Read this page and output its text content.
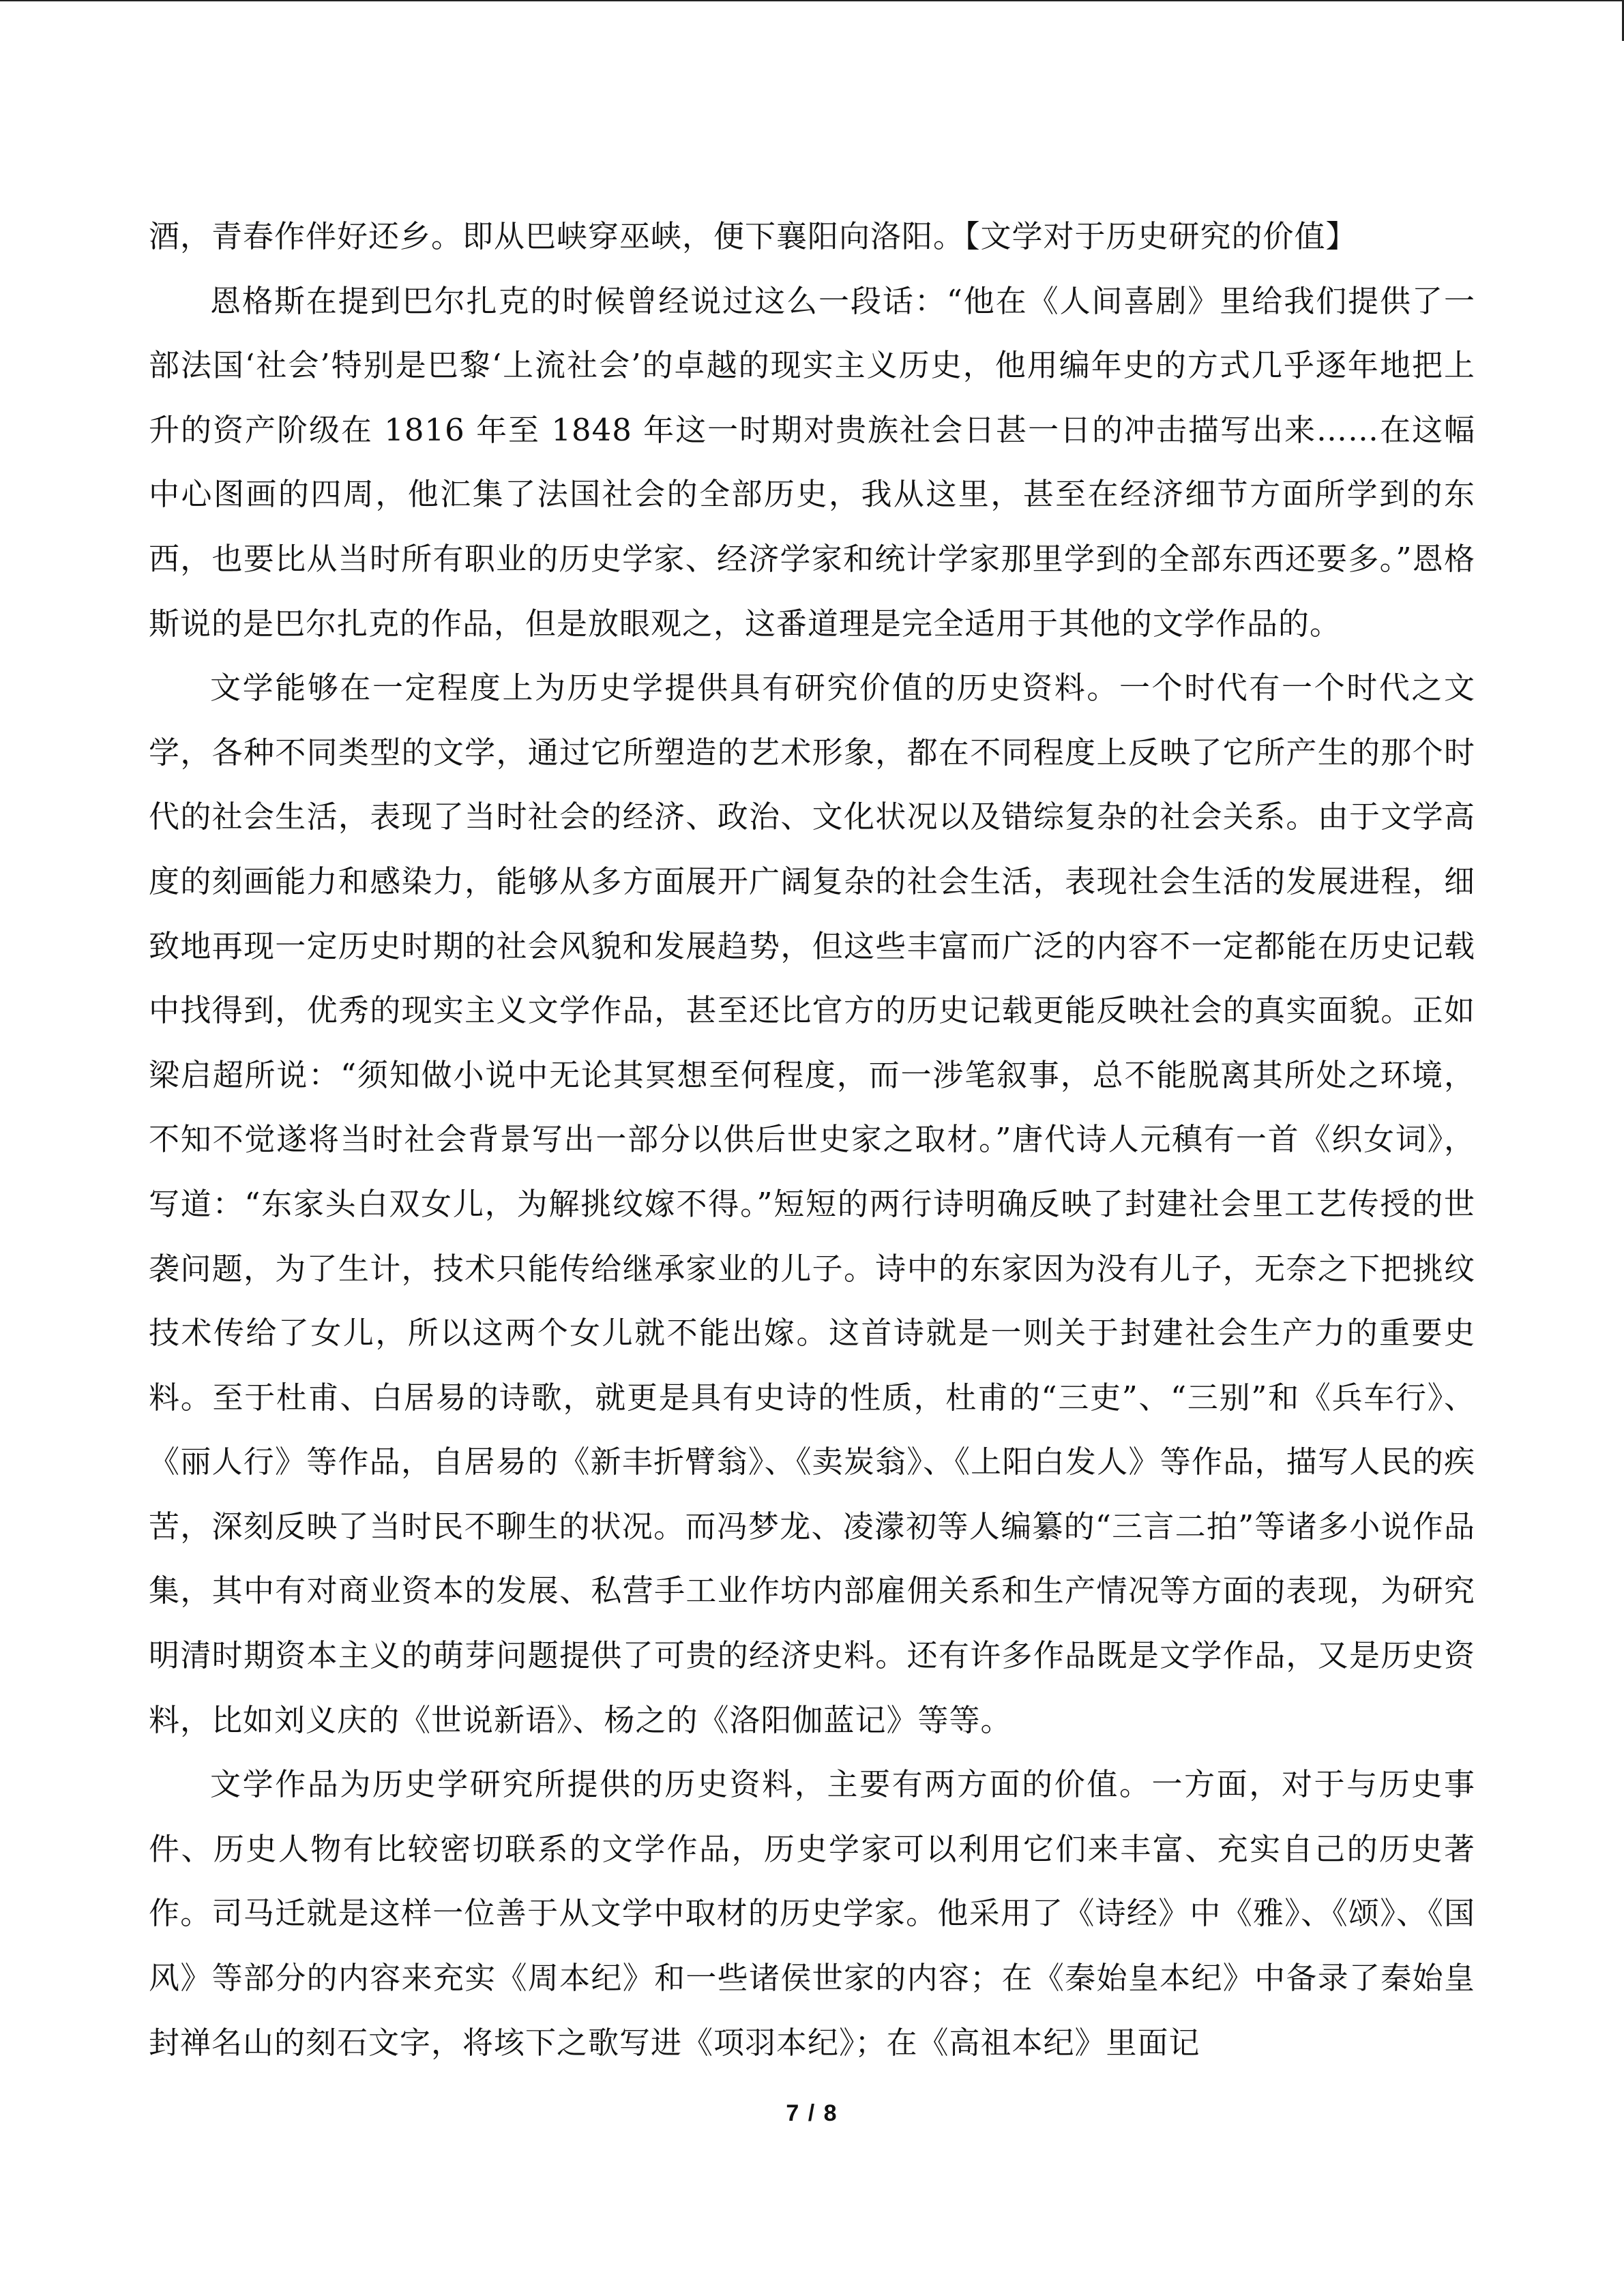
酒，青春作伴好还乡。即从巴峡穿巫峡，便下襄阳向洛阳。【文学对于历史研究的价值】

恩格斯在提到巴尔扎克的时候曾经说过这么一段话：“他在《人间喜剧》里给我们提供了一部法国‘社会’特别是巴黎‘上流社会’的卓越的现实主义历史，他用编年史的方式几乎逐年地把上升的资产阶级在 1816 年至 1848 年这一时期对贵族社会日甚一日的冲击描写出来……在这幅中心图画的四周，他汇集了法国社会的全部历史，我从这里，甚至在经济细节方面所学到的东西，也要比从当时所有职业的历史学家、经济学家和统计学家那里学到的全部东西还要多。”恩格斯说的是巴尔扎克的作品，但是放眼观之，这番道理是完全适用于其他的文学作品的。

文学能够在一定程度上为历史学提供具有研究价值的历史资料。一个时代有一个时代之文学，各种不同类型的文学，通过它所塑造的艺术形象，都在不同程度上反映了它所产生的那个时代的社会生活，表现了当时社会的经济、政治、文化状况以及错综复杂的社会关系。由于文学高度的刻画能力和感染力，能够从多方面展开广阔复杂的社会生活，表现社会生活的发展进程，细致地再现一定历史时期的社会风貌和发展趋势，但这些丰富而广泛的内容不一定都能在历史记载中找得到，优秀的现实主义文学作品，甚至还比官方的历史记载更能反映社会的真实面貌。正如梁启超所说：“须知做小说中无论其冥想至何程度，而一涉笔叙事，总不能脱离其所处之环境，不知不觉遂将当时社会背景写出一部分以供后世史家之取材。”唐代诗人元稹有一首《织女词》，写道：“东家头白双女儿，为解挑纹嫁不得。”短短的两行诗明确反映了封建社会里工艺传授的世袭问题，为了生计，技术只能传给继承家业的儿子。诗中的东家因为没有儿子，无奈之下把挑纹技术传给了女儿，所以这两个女儿就不能出嫁。这首诗就是一则关于封建社会生产力的重要史料。至于杜甫、白居易的诗歌，就更是具有史诗的性质，杜甫的“三吏”、“三别”和《兵车行》、《丽人行》等作品，自居易的《新丰折臂翁》、《卖炭翁》、《上阳白发人》等作品，描写人民的疾苦，深刻反映了当时民不聊生的状况。而冯梦龙、凌濛初等人编纂的“三言二拍”等诸多小说作品集，其中有对商业资本的发展、私营手工业作坊内部雇佣关系和生产情况等方面的表现，为研究明清时期资本主义的萌芽问题提供了可贵的经济史料。还有许多作品既是文学作品，又是历史资料，比如刘义庆的《世说新语》、杨之的《洛阳伽蓝记》等等。

文学作品为历史学研究所提供的历史资料，主要有两方面的价值。一方面，对于与历史事件、历史人物有比较密切联系的文学作品，历史学家可以利用它们来丰富、充实自己的历史著作。司马迁就是这样一位善于从文学中取材的历史学家。他采用了《诗经》中《雅》、《颂》、《国风》等部分的内容来充实《周本纪》和一些诸侯世家的内容；在《秦始皇本纪》中备录了秦始皇封禅名山的刻石文字，将垓下之歌写进《项羽本纪》；在《高祖本纪》里面记

7 / 8
